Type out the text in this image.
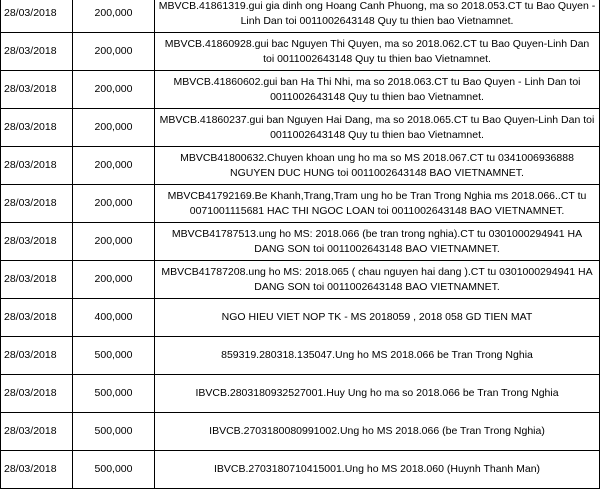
28/03/2018	200,000	MBVCB.41861319.gui gia dinh ong Hoang Canh Phuong, ma so 2018.053.CT tu Bao Quyen - Linh Dan toi 0011002643148 Quy tu thien bao Vietnamnet.
28/03/2018	200,000	MBVCB.41860928.gui bac Nguyen Thi Quyen, ma so 2018.062.CT tu Bao Quyen-Linh Dan toi 0011002643148 Quy tu thien bao Vietnamnet.
28/03/2018	200,000	MBVCB.41860602.gui ban Ha Thi Nhi, ma so 2018.063.CT tu Bao Quyen - Linh Dan toi 0011002643148 Quy tu thien bao Vietnamnet.
28/03/2018	200,000	MBVCB.41860237.gui ban Nguyen Hai Dang, ma so 2018.065.CT tu Bao Quyen-Linh Dan toi 0011002643148 Quy tu thien bao Vietnamnet.
28/03/2018	200,000	MBVCB41800632.Chuyen khoan ung ho ma so MS 2018.067.CT tu 0341006936888 NGUYEN DUC HUNG toi 0011002643148 BAO VIETNAMNET.
28/03/2018	200,000	MBVCB41792169.Be Khanh,Trang,Tram ung ho be Tran Trong Nghia ms 2018.066..CT tu 0071001115681 HAC THI NGOC LOAN toi 0011002643148 BAO VIETNAMNET.
28/03/2018	200,000	MBVCB41787513.ung ho MS: 2018.066 (be tran trong nghia).CT tu 0301000294941 HA DANG SON toi 0011002643148 BAO VIETNAMNET.
28/03/2018	200,000	MBVCB41787208.ung ho MS: 2018.065 ( chau nguyen hai dang ).CT tu 0301000294941 HA DANG SON toi 0011002643148 BAO VIETNAMNET.
28/03/2018	400,000	NGO HIEU VIET NOP TK - MS 2018059 , 2018 058 GD TIEN MAT
28/03/2018	500,000	859319.280318.135047.Ung ho MS 2018.066 be Tran Trong Nghia
28/03/2018	500,000	IBVCB.2803180932527001.Huy Ung ho ma so 2018.066 be Tran Trong Nghia
28/03/2018	500,000	IBVCB.2703180080991002.Ung ho MS 2018.066 (be Tran Trong Nghia)
28/03/2018	500,000	IBVCB.2703180710415001.Ung ho MS 2018.060 (Huynh Thanh Man)
